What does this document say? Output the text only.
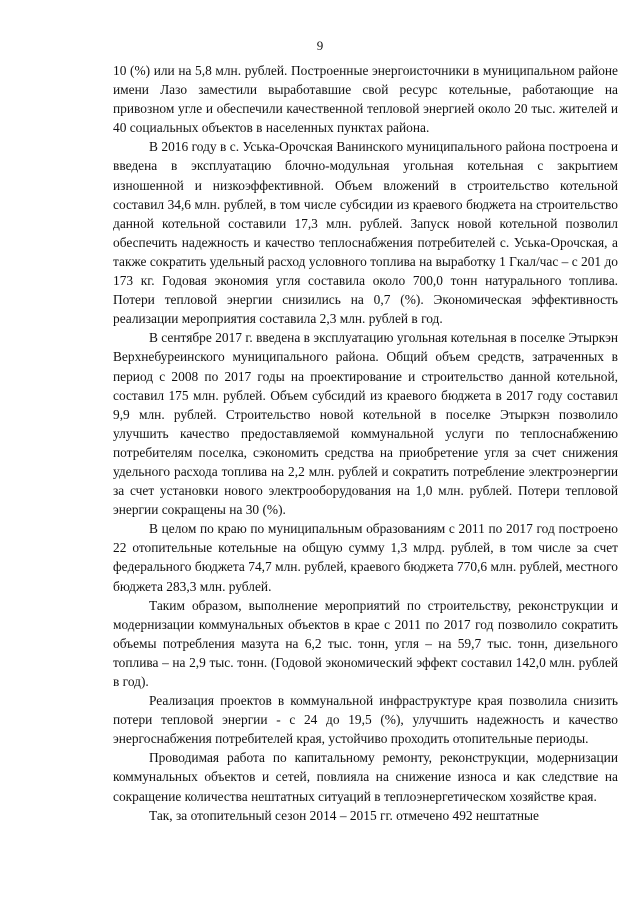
9

10 (%) или на 5,8 млн. рублей. Построенные энергоисточники в муниципальном районе имени Лазо заместили выработавшие свой ресурс котельные, работающие на привозном угле и обеспечили качественной тепловой энергией около 20 тыс. жителей и 40 социальных объектов в населенных пунктах района.

В 2016 году в с. Уська-Орочская Ванинского муниципального района построена и введена в эксплуатацию блочно-модульная угольная котельная с закрытием изношенной и низкоэффективной. Объем вложений в строительство котельной составил 34,6 млн. рублей, в том числе субсидии из краевого бюджета на строительство данной котельной составили 17,3 млн. рублей. Запуск новой котельной позволил обеспечить надежность и качество теплоснабжения потребителей с. Уська-Орочская, а также сократить удельный расход условного топлива на выработку 1 Гкал/час – с 201 до 173 кг. Годовая экономия угля составила около 700,0 тонн натурального топлива. Потери тепловой энергии снизились на 0,7 (%). Экономическая эффективность реализации мероприятия составила 2,3 млн. рублей в год.

В сентябре 2017 г. введена в эксплуатацию угольная котельная в поселке Этыркэн Верхнебуреинского муниципального района. Общий объем средств, затраченных в период с 2008 по 2017 годы на проектирование и строительство данной котельной, составил 175 млн. рублей. Объем субсидий из краевого бюджета в 2017 году составил 9,9 млн. рублей. Строительство новой котельной в поселке Этыркэн позволило улучшить качество предоставляемой коммунальной услуги по теплоснабжению потребителям поселка, сэкономить средства на приобретение угля за счет снижения удельного расхода топлива на 2,2 млн. рублей и сократить потребление электроэнергии за счет установки нового электрооборудования на 1,0 млн. рублей. Потери тепловой энергии сокращены на 30 (%).

В целом по краю по муниципальным образованиям с 2011 по 2017 год построено 22 отопительные котельные на общую сумму 1,3 млрд. рублей, в том числе за счет федерального бюджета 74,7 млн. рублей, краевого бюджета 770,6 млн. рублей, местного бюджета 283,3 млн. рублей.

Таким образом, выполнение мероприятий по строительству, реконструкции и модернизации коммунальных объектов в крае с 2011 по 2017 год позволило сократить объемы потребления мазута на 6,2 тыс. тонн, угля – на 59,7 тыс. тонн, дизельного топлива – на 2,9 тыс. тонн. (Годовой экономический эффект составил 142,0 млн. рублей в год).

Реализация проектов в коммунальной инфраструктуре края позволила снизить потери тепловой энергии - с 24 до 19,5 (%), улучшить надежность и качество энергоснабжения потребителей края, устойчиво проходить отопительные периоды.

Проводимая работа по капитальному ремонту, реконструкции, модернизации коммунальных объектов и сетей, повлияла на снижение износа и как следствие на сокращение количества нештатных ситуаций в теплоэнергетическом хозяйстве края.

Так, за отопительный сезон 2014 – 2015 гг. отмечено 492 нештатные
